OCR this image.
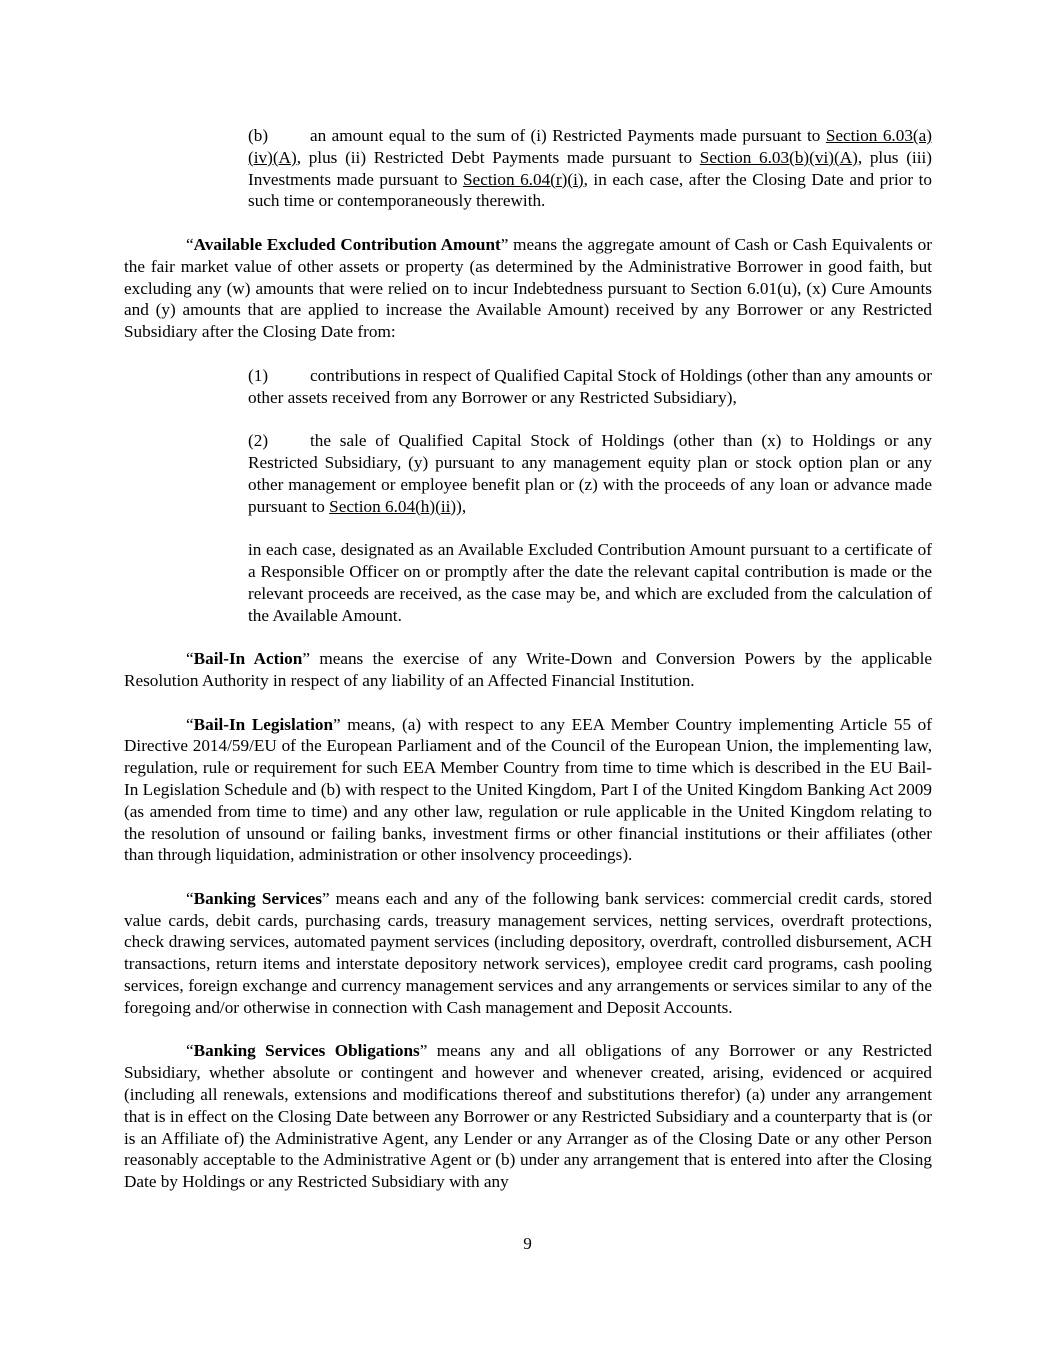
(b) an amount equal to the sum of (i) Restricted Payments made pursuant to Section 6.03(a)(iv)(A), plus (ii) Restricted Debt Payments made pursuant to Section 6.03(b)(vi)(A), plus (iii) Investments made pursuant to Section 6.04(r)(i), in each case, after the Closing Date and prior to such time or contemporaneously therewith.

“Available Excluded Contribution Amount” means the aggregate amount of Cash or Cash Equivalents or the fair market value of other assets or property (as determined by the Administrative Borrower in good faith, but excluding any (w) amounts that were relied on to incur Indebtedness pursuant to Section 6.01(u), (x) Cure Amounts and (y) amounts that are applied to increase the Available Amount) received by any Borrower or any Restricted Subsidiary after the Closing Date from:

(1) contributions in respect of Qualified Capital Stock of Holdings (other than any amounts or other assets received from any Borrower or any Restricted Subsidiary),

(2) the sale of Qualified Capital Stock of Holdings (other than (x) to Holdings or any Restricted Subsidiary, (y) pursuant to any management equity plan or stock option plan or any other management or employee benefit plan or (z) with the proceeds of any loan or advance made pursuant to Section 6.04(h)(ii)),

in each case, designated as an Available Excluded Contribution Amount pursuant to a certificate of a Responsible Officer on or promptly after the date the relevant capital contribution is made or the relevant proceeds are received, as the case may be, and which are excluded from the calculation of the Available Amount.

“Bail-In Action” means the exercise of any Write-Down and Conversion Powers by the applicable Resolution Authority in respect of any liability of an Affected Financial Institution.

“Bail-In Legislation” means, (a) with respect to any EEA Member Country implementing Article 55 of Directive 2014/59/EU of the European Parliament and of the Council of the European Union, the implementing law, regulation, rule or requirement for such EEA Member Country from time to time which is described in the EU Bail-In Legislation Schedule and (b) with respect to the United Kingdom, Part I of the United Kingdom Banking Act 2009 (as amended from time to time) and any other law, regulation or rule applicable in the United Kingdom relating to the resolution of unsound or failing banks, investment firms or other financial institutions or their affiliates (other than through liquidation, administration or other insolvency proceedings).

“Banking Services” means each and any of the following bank services: commercial credit cards, stored value cards, debit cards, purchasing cards, treasury management services, netting services, overdraft protections, check drawing services, automated payment services (including depository, overdraft, controlled disbursement, ACH transactions, return items and interstate depository network services), employee credit card programs, cash pooling services, foreign exchange and currency management services and any arrangements or services similar to any of the foregoing and/or otherwise in connection with Cash management and Deposit Accounts.

“Banking Services Obligations” means any and all obligations of any Borrower or any Restricted Subsidiary, whether absolute or contingent and however and whenever created, arising, evidenced or acquired (including all renewals, extensions and modifications thereof and substitutions therefor) (a) under any arrangement that is in effect on the Closing Date between any Borrower or any Restricted Subsidiary and a counterparty that is (or is an Affiliate of) the Administrative Agent, any Lender or any Arranger as of the Closing Date or any other Person reasonably acceptable to the Administrative Agent or (b) under any arrangement that is entered into after the Closing Date by Holdings or any Restricted Subsidiary with any

9
